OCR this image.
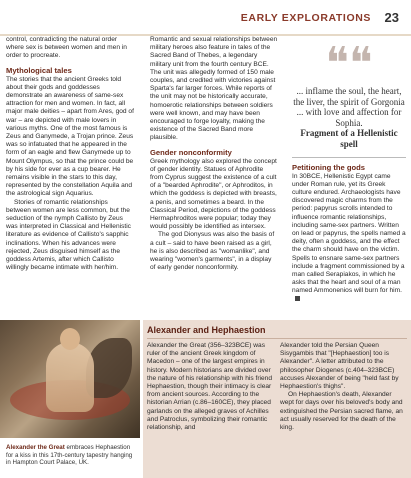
EARLY EXPLORATIONS 23

control, contradicting the natural order where sex is between women and men in order to procreate.

Mythological tales

The stories that the ancient Greeks told about their gods and goddesses demonstrate an awareness of same-sex attraction for men and women. In fact, all major male deities – apart from Ares, god of war – are depicted with male lovers in various myths. One of the most famous is Zeus and Ganymede, a Trojan prince. Zeus was so infatuated that he appeared in the form of an eagle and flew Ganymede up to Mount Olympus, so that the prince could be by his side for ever as a cup bearer. He remains visible in the stars to this day, represented by the constellation Aquila and the astrological sign Aquarius.

Stories of romantic relationships between women are less common, but the seduction of the nymph Callisto by Zeus was interpreted in Classical and Hellenistic literature as evidence of Callisto's sapphic inclinations. When his advances were rejected, Zeus disguised himself as the goddess Artemis, after which Callisto willingly became intimate with her/him.

Romantic and sexual relationships between military heroes also feature in tales of the Sacred Band of Thebes, a legendary military unit from the fourth century BCE. The unit was allegedly formed of 150 male couples, and credited with victories against Sparta's far larger forces. While reports of the unit may not be historically accurate, homoerotic relationships between soldiers were well known, and may have been encouraged to forge loyalty, making the existence of the Sacred Band more plausible.

Gender nonconformity

Greek mythology also explored the concept of gender identity. Statues of Aphrodite from Cyprus suggest the existence of a cult of a "bearded Aphrodite", or Aphroditos, in which the goddess is depicted with breasts, a penis, and sometimes a beard. In the Classical Period, depictions of the goddess Hermaphroditos were popular; today they would possibly be identified as intersex.

The god Dionysus was also the basis of a cult – said to have been raised as a girl, he is also described as "womanlike", and wearing "women's garments", in a display of early gender nonconformity.

❝❝
... inflame the soul, the heart, the liver, the spirit of Gorgonia ... with love and affection for Sophia.
Fragment of a Hellenistic spell
Petitioning the gods

In 30BCE, Hellenistic Egypt came under Roman rule, yet its Greek culture endured. Archaeologists have discovered magic charms from the period: papyrus scrolls intended to influence romantic relationships, including same-sex partners. Written on lead or papyrus, the spells named a deity, often a goddess, and the effect the charm should have on the victim. Spells to ensnare same-sex partners include a fragment commissioned by a man called Serapiakos, in which he asks that the heart and soul of a man named Ammonenios will burn for him.

Alexander the Great embraces Hephaestion for a kiss in this 17th-century tapestry hanging in Hampton Court Palace, UK.
Alexander and Hephaestion

Alexander the Great (356–323BCE) was ruler of the ancient Greek kingdom of Macedon – one of the largest empires in history. Modern historians are divided over the nature of his relationship with his friend Hephaestion, though their intimacy is clear from ancient sources. According to the historian Arrian (c.86–160CE), they placed garlands on the alleged graves of Achilles and Patroclus, symbolizing their romantic relationship, and

Alexander told the Persian Queen Sisygambis that "[Hephaestion] too is Alexander". A letter attributed to the philosopher Diogenes (c.404–323BCE) accuses Alexander of being "held fast by Hephaestion's thighs".

On Hephaestion's death, Alexander wept for days over his beloved's body and extinguished the Persian sacred flame, an act usually reserved for the death of the king.
